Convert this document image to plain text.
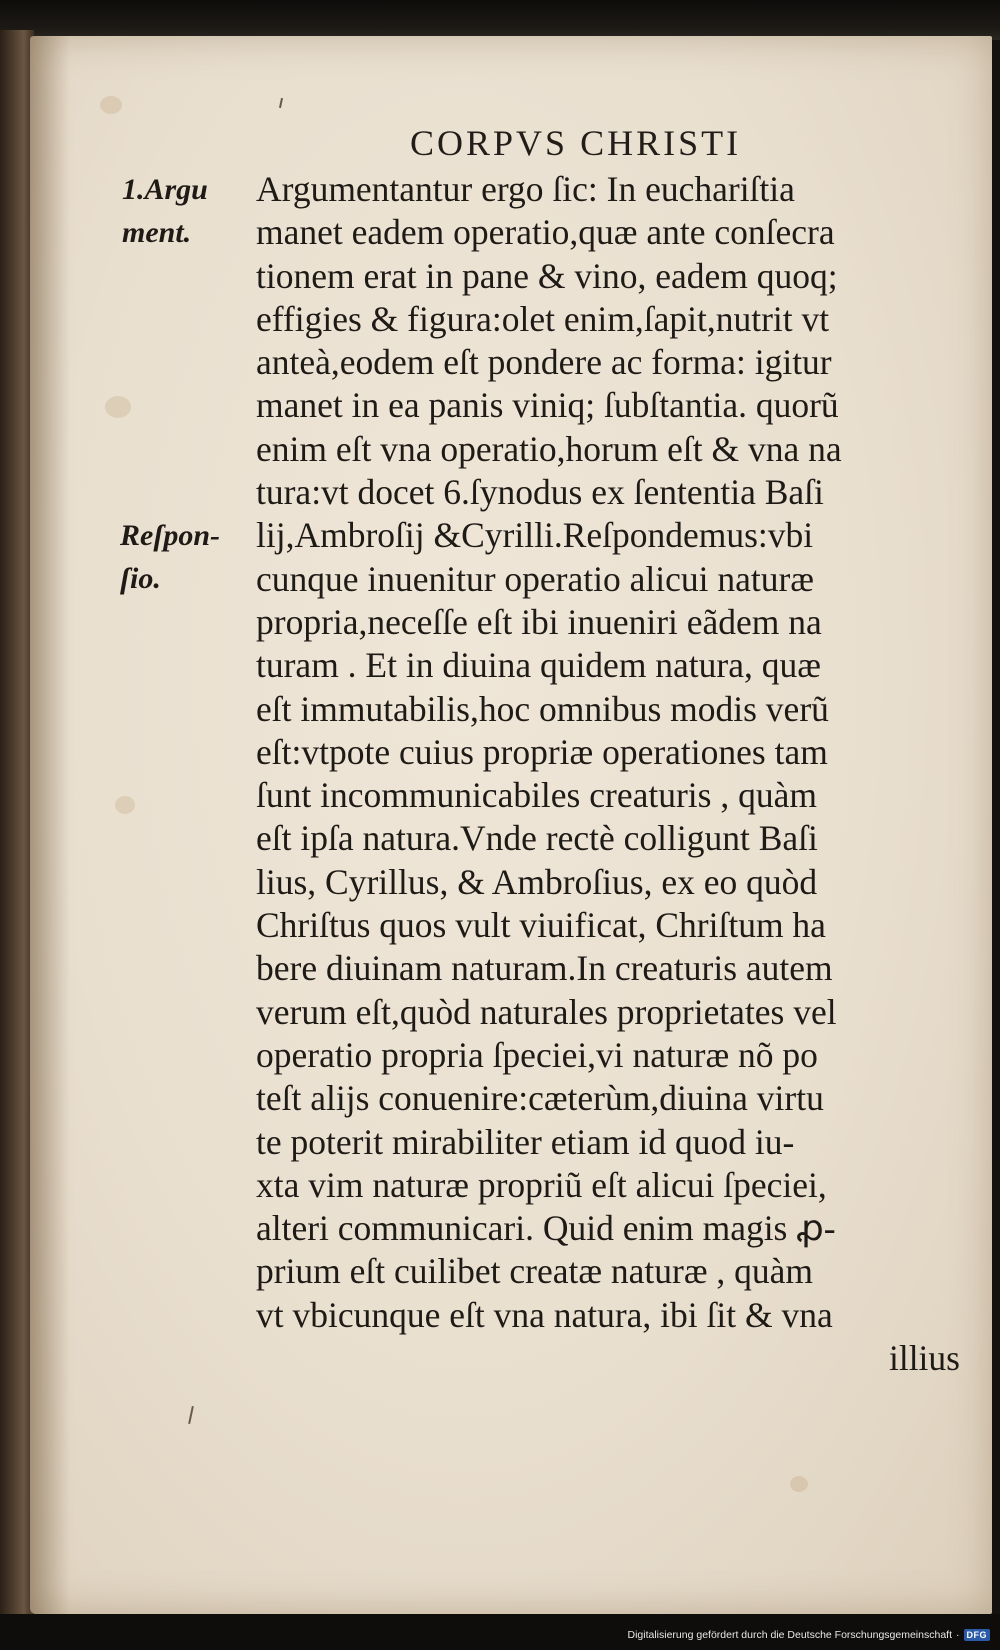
CORPVS CHRISTI
1.Argu
ment.
Reſpon-
ſio.
Argumentantur ergo ſic: In euchariſtia
manet eadem operatio,quæ ante conſecra
tionem erat in pane & vino, eadem quoq;
effigies & figura:olet enim,ſapit,nutrit vt
anteà,eodem eſt pondere ac forma: igitur
manet in ea panis viniq; ſubſtantia. quorũ
enim eſt vna operatio,horum eſt & vna na
tura:vt docet 6.ſynodus ex ſententia Baſi
lij,Ambroſij &Cyrilli.Reſpondemus:vbi
cunque inuenitur operatio alicui naturæ
propria,neceſſe eſt ibi inueniri eãdem na
turam . Et in diuina quidem natura, quæ
eſt immutabilis,hoc omnibus modis verũ
eſt:vtpote cuius propriæ operationes tam
ſunt incommunicabiles creaturis , quàm
eſt ipſa natura.Vnde rectè colligunt Baſi
lius, Cyrillus, & Ambroſius, ex eo quòd
Chriſtus quos vult viuificat, Chriſtum ha
bere diuinam naturam.In creaturis autem
verum eſt,quòd naturales proprietates vel
operatio propria ſpeciei,vi naturæ nõ po
teſt alijs conuenire:cæterùm,diuina virtu
te poterit mirabiliter etiam id quod iu-
xta vim naturæ propriũ eſt alicui ſpeciei,
alteri communicari. Quid enim magis ꝓ-
prium eſt cuilibet creatæ naturæ , quàm
vt vbicunque eſt vna natura, ibi ſit & vna
illius
Digitalisierung gefördert durch die Deutsche Forschungsgemeinschaft · DFG
